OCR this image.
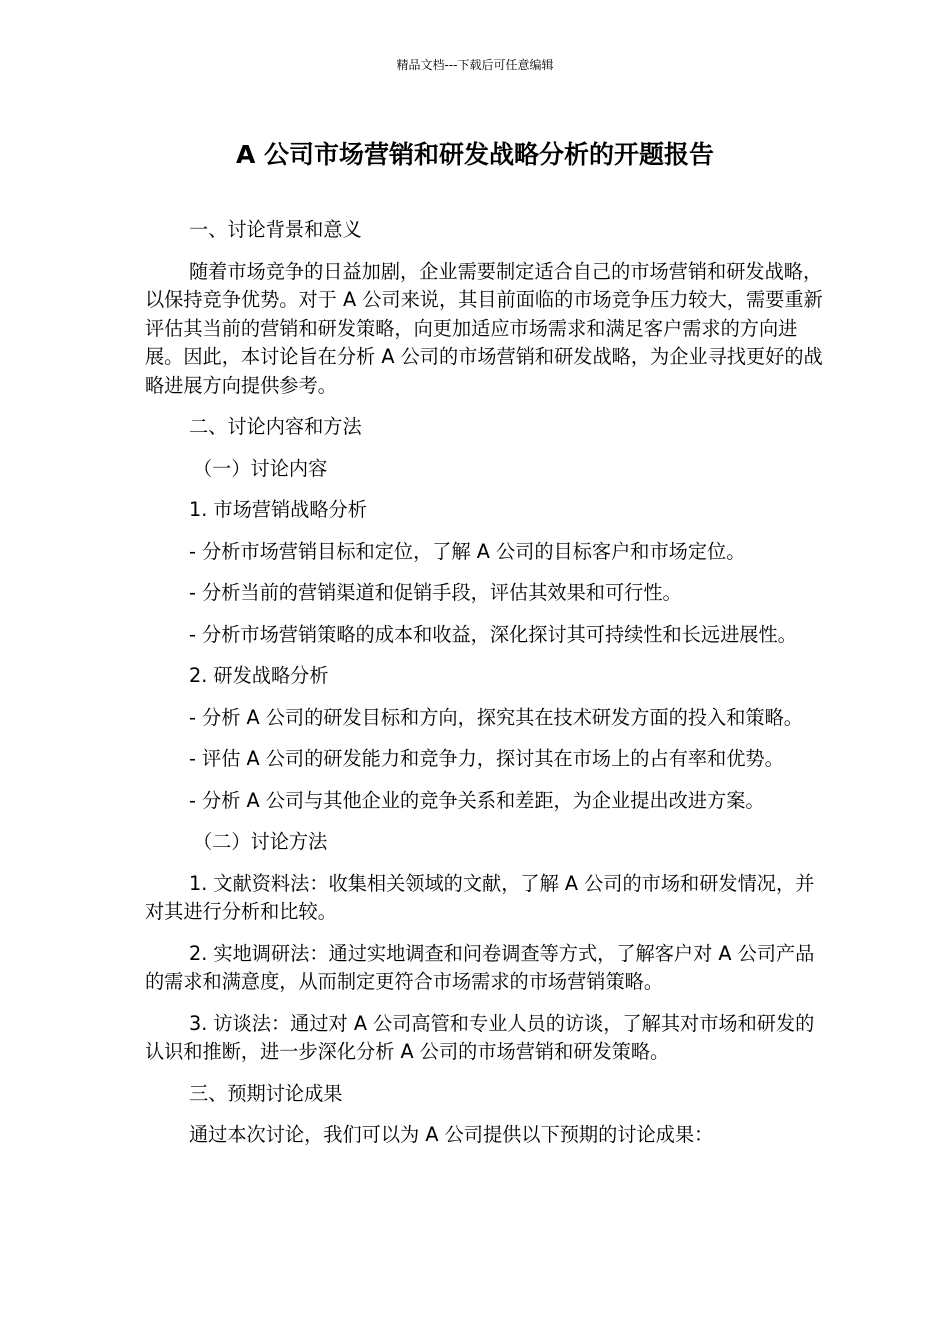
精品文档---下载后可任意编辑
A 公司市场营销和研发战略分析的开题报告

一、讨论背景和意义

随着市场竞争的日益加剧，企业需要制定适合自己的市场营销和研发战略，以保持竞争优势。对于 A 公司来说，其目前面临的市场竞争压力较大，需要重新评估其当前的营销和研发策略，向更加适应市场需求和满足客户需求的方向进展。因此，本讨论旨在分析 A 公司的市场营销和研发战略，为企业寻找更好的战略进展方向提供参考。

二、讨论内容和方法

（一）讨论内容

1. 市场营销战略分析

- 分析市场营销目标和定位，了解 A 公司的目标客户和市场定位。

- 分析当前的营销渠道和促销手段，评估其效果和可行性。

- 分析市场营销策略的成本和收益，深化探讨其可持续性和长远进展性。

2. 研发战略分析

- 分析 A 公司的研发目标和方向，探究其在技术研发方面的投入和策略。

- 评估 A 公司的研发能力和竞争力，探讨其在市场上的占有率和优势。

- 分析 A 公司与其他企业的竞争关系和差距，为企业提出改进方案。

（二）讨论方法

1. 文献资料法：收集相关领域的文献，了解 A 公司的市场和研发情况，并对其进行分析和比较。

2. 实地调研法：通过实地调查和问卷调查等方式，了解客户对 A 公司产品的需求和满意度，从而制定更符合市场需求的市场营销策略。

3. 访谈法：通过对 A 公司高管和专业人员的访谈，了解其对市场和研发的认识和推断，进一步深化分析 A 公司的市场营销和研发策略。

三、预期讨论成果

通过本次讨论，我们可以为 A 公司提供以下预期的讨论成果：
